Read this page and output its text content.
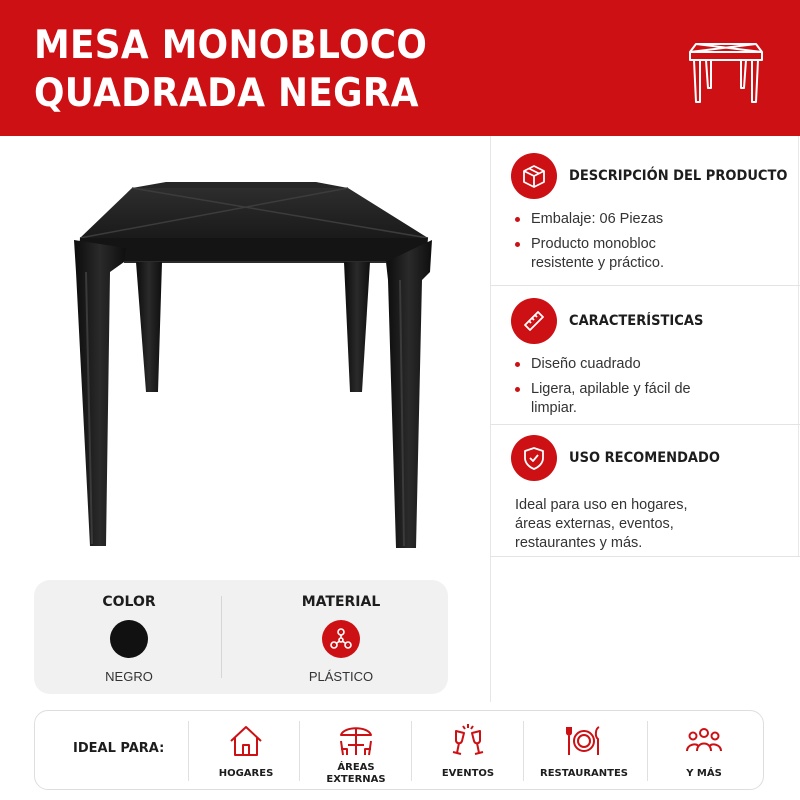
MESA MONOBLOCO
QUADRADA NEGRA
DESCRIPCIÓN DEL PRODUCTO
Embalaje: 06 Piezas
Producto monobloc resistente y práctico.
CARACTERÍSTICAS
Diseño cuadrado
Ligera, apilable y fácil de limpiar.
USO RECOMENDADO
Ideal para uso en hogares, áreas externas, eventos, restaurantes y más.
COLOR
NEGRO
MATERIAL
PLÁSTICO
IDEAL PARA:
HOGARES
ÁREAS
EXTERNAS
EVENTOS	RESTAURANTES	Y MÁS
